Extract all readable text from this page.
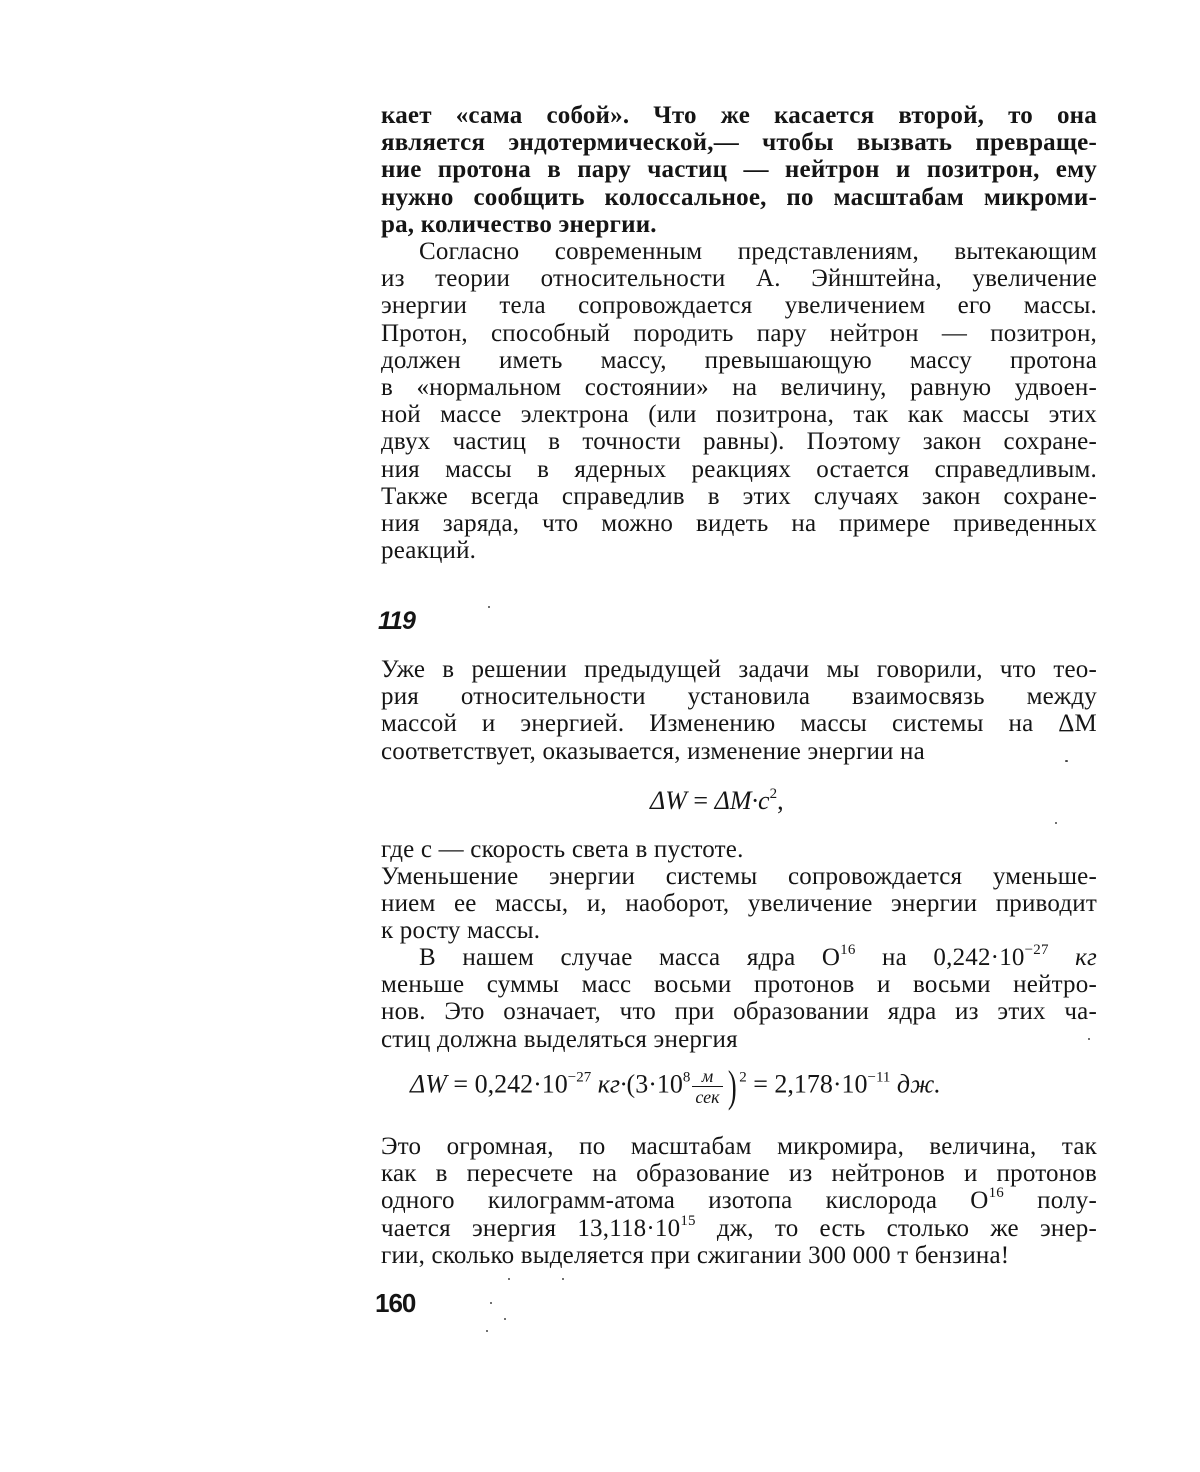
кает «сама собой». Что же касается второй, то она
является эндотермической,— чтобы вызвать превраще-
ние протона в пару частиц — нейтрон и позитрон, ему
нужно сообщить колоссальное, по масштабам микроми-
ра, количество энергии.

Согласно современным представлениям, вытекающим
из теории относительности А. Эйнштейна, увеличение
энергии тела сопровождается увеличением его массы.
Протон, способный породить пару нейтрон — позитрон,
должен иметь массу, превышающую массу протона
в «нормальном состоянии» на величину, равную удвоен-
ной массе электрона (или позитрона, так как массы этих
двух частиц в точности равны). Поэтому закон сохране-
ния массы в ядерных реакциях остается справедливым.
Также всегда справедлив в этих случаях закон сохране-
ния заряда, что можно видеть на примере приведенных
реакций.

119

Уже в решении предыдущей задачи мы говорили, что тео-
рия относительности установила взаимосвязь между
массой и энергией. Изменению массы системы на ΔM
соответствует, оказывается, изменение энергии на

$\Delta W = \Delta M\cdot c^2$,

где c — скорость света в пустоте.

Уменьшение энергии системы сопровождается уменьше-
нием ее массы, и, наоборот, увеличение энергии приводит
к росту массы.

В нашем случае масса ядра $O^{16}$ на $0,242\cdot 10^{-27}$ кг
меньше суммы масс восьми протонов и восьми нейтро-
нов. Это означает, что при образовании ядра из этих ча-
стиц должна выделяться энергия

$\Delta W = 0,242\cdot 10^{-27}$ $кг\cdot(3\cdot 10^8 \frac{м}{\text{сек}}$ ) $^2 = 2,178\cdot 10^{-11}$ дж.

Это огромная, по масштабам микромира, величина, так
как в пересчете на образование из нейтронов и протонов
одного килограмм-атома изотопа кислорода $O^{16}$ полу-
чается энергия $13,118\cdot 10^{15}$ дж, то есть столько же энер-
гии, сколько выделяется при сжигании 300 000 т бензина!

160
